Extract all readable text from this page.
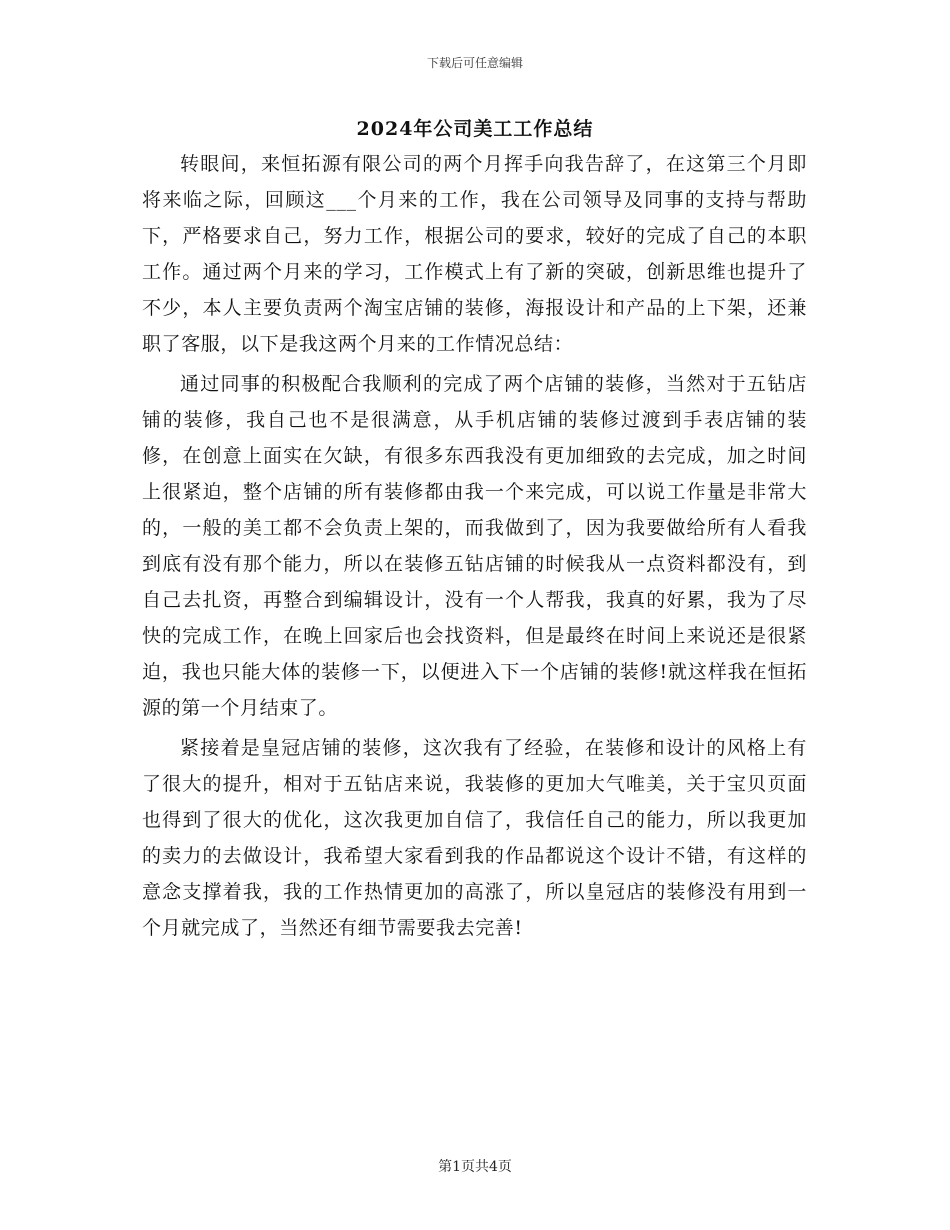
下载后可任意编辑
2024年公司美工工作总结

转眼间，来恒拓源有限公司的两个月挥手向我告辞了，在这第三个月即将来临之际，回顾这___个月来的工作，我在公司领导及同事的支持与帮助下，严格要求自己，努力工作，根据公司的要求，较好的完成了自己的本职工作。通过两个月来的学习，工作模式上有了新的突破，创新思维也提升了不少，本人主要负责两个淘宝店铺的装修，海报设计和产品的上下架，还兼职了客服，以下是我这两个月来的工作情况总结：

通过同事的积极配合我顺利的完成了两个店铺的装修，当然对于五钻店铺的装修，我自己也不是很满意，从手机店铺的装修过渡到手表店铺的装修，在创意上面实在欠缺，有很多东西我没有更加细致的去完成，加之时间上很紧迫，整个店铺的所有装修都由我一个来完成，可以说工作量是非常大的，一般的美工都不会负责上架的，而我做到了，因为我要做给所有人看我到底有没有那个能力，所以在装修五钻店铺的时候我从一点资料都没有，到自己去扎资，再整合到编辑设计，没有一个人帮我，我真的好累，我为了尽快的完成工作，在晚上回家后也会找资料，但是最终在时间上来说还是很紧迫，我也只能大体的装修一下，以便进入下一个店铺的装修!就这样我在恒拓源的第一个月结束了。

紧接着是皇冠店铺的装修，这次我有了经验，在装修和设计的风格上有了很大的提升，相对于五钻店来说，我装修的更加大气唯美，关于宝贝页面也得到了很大的优化，这次我更加自信了，我信任自己的能力，所以我更加的卖力的去做设计，我希望大家看到我的作品都说这个设计不错，有这样的意念支撑着我，我的工作热情更加的高涨了，所以皇冠店的装修没有用到一个月就完成了，当然还有细节需要我去完善!

第1页共4页
